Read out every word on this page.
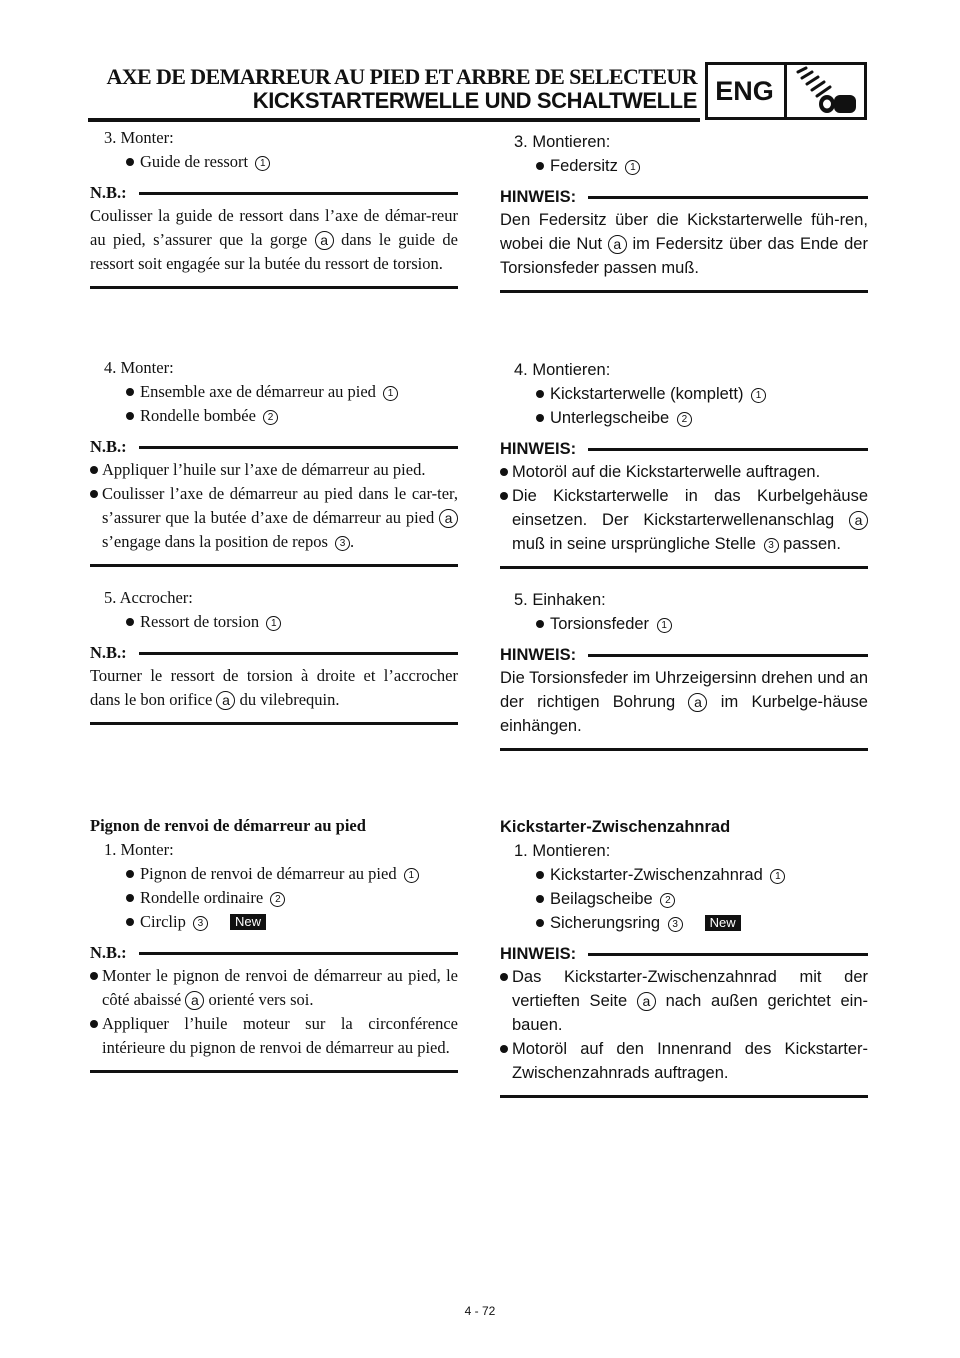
AXE DE DEMARREUR AU PIED ET ARBRE DE SELECTEUR
KICKSTARTERWELLE UND SCHALTWELLE ENG
3. Monter:
Guide de ressort 1
N.B.:
Coulisser la guide de ressort dans l’axe de démar-reur au pied, s’assurer que la gorge a dans le guide de ressort soit engagée sur la butée du ressort de torsion.
4. Monter:
Ensemble axe de démarreur au pied 1
Rondelle bombée 2
N.B.:
Appliquer l’huile sur l’axe de démarreur au pied.
Coulisser l’axe de démarreur au pied dans le car-ter, s’assurer que la butée d’axe de démarreur au pied a s’engage dans la position de repos 3 .
5. Accrocher:
Ressort de torsion 1
N.B.:
Tourner le ressort de torsion à droite et l’accrocher dans le bon orifice a du vilebrequin.
Pignon de renvoi de démarreur au pied
1. Monter:
Pignon de renvoi de démarreur au pied 1
Rondelle ordinaire 2
Circlip 3 New
N.B.:
Monter le pignon de renvoi de démarreur au pied, le côté abaissé a orienté vers soi.
Appliquer l’huile moteur sur la circonférence intérieure du pignon de renvoi de démarreur au pied.
3. Montieren:
Federsitz 1
HINWEIS:
Den Federsitz über die Kickstarterwelle füh-ren, wobei die Nut a im Federsitz über das Ende der Torsionsfeder passen muß.
4. Montieren:
Kickstarterwelle (komplett) 1
Unterlegscheibe 2
HINWEIS:
Motoröl auf die Kickstarterwelle auftragen.
Die Kickstarterwelle in das Kurbelgehäuse einsetzen. Der Kickstarterwellenanschlag a muß in seine ursprüngliche Stelle 3 passen.
5. Einhaken:
Torsionsfeder 1
HINWEIS:
Die Torsionsfeder im Uhrzeigersinn drehen und an der richtigen Bohrung a im Kurbelge-häuse einhängen.
Kickstarter-Zwischenzahnrad
1. Montieren:
Kickstarter-Zwischenzahnrad 1
Beilagscheibe 2
Sicherungsring 3 New
HINWEIS:
Das Kickstarter-Zwischenzahnrad mit der vertieften Seite a nach außen gerichtet ein-bauen.
Motoröl auf den Innenrand des Kickstarter-Zwischenzahnrads auftragen.
4 - 72
